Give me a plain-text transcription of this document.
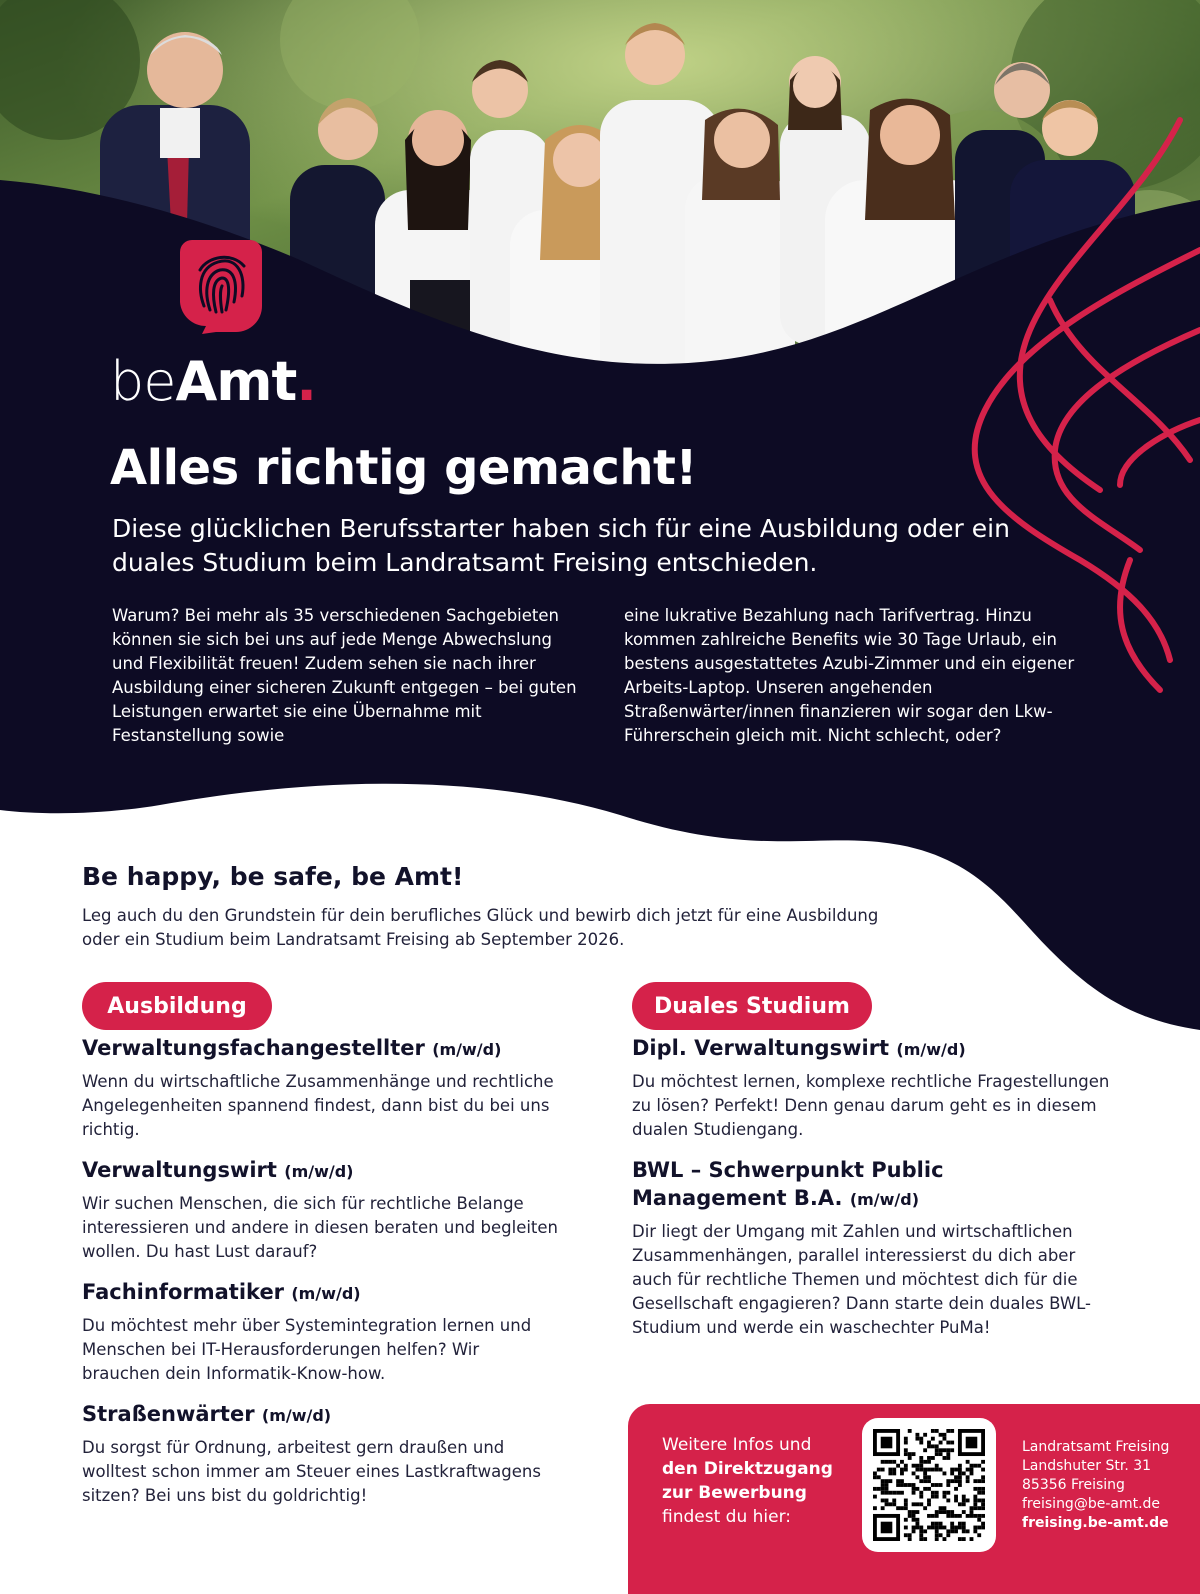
beAmt.
Alles richtig gemacht!

Diese glücklichen Berufsstarter haben sich für eine Ausbildung oder ein duales Studium beim Landratsamt Freising entschieden.

Warum? Bei mehr als 35 verschiedenen Sachgebieten können sie sich bei uns auf jede Menge Abwechslung und Flexibilität freuen! Zudem sehen sie nach ihrer Ausbildung einer sicheren Zukunft entgegen – bei guten Leistungen erwartet sie eine Übernahme mit Festanstellung sowie

eine lukrative Bezahlung nach Tarifvertrag. Hinzu kommen zahlreiche Benefits wie 30 Tage Urlaub, ein bestens ausgestattetes Azubi-Zimmer und ein eigener Arbeits-Laptop. Unseren angehenden Straßenwärter/innen finanzieren wir sogar den Lkw-Führerschein gleich mit. Nicht schlecht, oder?

Be happy, be safe, be Amt!

Leg auch du den Grundstein für dein berufliches Glück und bewirb dich jetzt für eine Ausbildung oder ein Studium beim Landratsamt Freising ab September 2026.

Ausbildung	Duales Studium
Verwaltungsfachangestellter (m/w/d)
Wenn du wirtschaftliche Zusammenhänge und rechtliche Angelegenheiten spannend findest, dann bist du bei uns richtig.
Verwaltungswirt (m/w/d)
Wir suchen Menschen, die sich für rechtliche Belange interessieren und andere in diesen beraten und begleiten wollen. Du hast Lust darauf?
Fachinformatiker (m/w/d)
Du möchtest mehr über Systemintegration lernen und Menschen bei IT-Herausforderungen helfen? Wir brauchen dein Informatik-Know-how.
Straßenwärter (m/w/d)
Du sorgst für Ordnung, arbeitest gern draußen und wolltest schon immer am Steuer eines Lastkraftwagens sitzen? Bei uns bist du goldrichtig!
Dipl. Verwaltungswirt (m/w/d)
Du möchtest lernen, komplexe rechtliche Fragestellungen zu lösen? Perfekt! Denn genau darum geht es in diesem dualen Studiengang.
BWL – Schwerpunkt Public Management B.A. (m/w/d)
Dir liegt der Umgang mit Zahlen und wirtschaftlichen Zusammenhängen, parallel interessierst du dich aber auch für rechtliche Themen und möchtest dich für die Gesellschaft engagieren? Dann starte dein duales BWL-Studium und werde ein waschechter PuMa!
Weitere Infos und
den Direktzugang
zur Bewerbung
findest du hier:
Landratsamt Freising
Landshuter Str. 31
85356 Freising
freising@be-amt.de
freising.be-amt.de
